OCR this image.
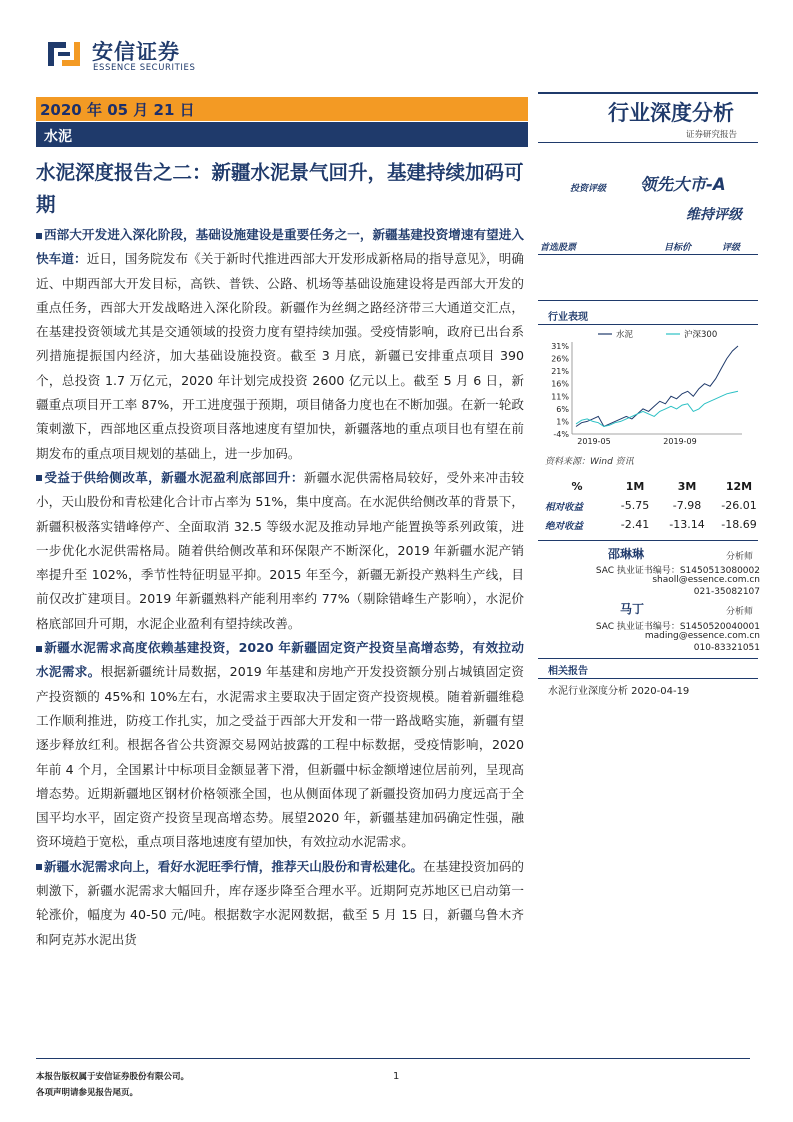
安信证券
ESSENCE SECURITIES
2020 年 05 月 21 日
水泥
行业深度分析
证券研究报告
水泥深度报告之二：新疆水泥景气回升，基建持续加码可期

西部大开发进入深化阶段，基础设施建设是重要任务之一，新疆基建投资增速有望进入快车道：近日，国务院发布《关于新时代推进西部大开发形成新格局的指导意见》，明确近、中期西部大开发目标，高铁、普铁、公路、机场等基础设施建设将是西部大开发的重点任务，西部大开发战略进入深化阶段。新疆作为丝绸之路经济带三大通道交汇点，在基建投资领域尤其是交通领域的投资力度有望持续加强。受疫情影响，政府已出台系列措施提振国内经济，加大基础设施投资。截至 3 月底，新疆已安排重点项目 390 个，总投资 1.7 万亿元，2020 年计划完成投资 2600 亿元以上。截至 5 月 6 日，新疆重点项目开工率 87%，开工进度强于预期，项目储备力度也在不断加强。在新一轮政策刺激下，西部地区重点投资项目落地速度有望加快，新疆落地的重点项目也有望在前期发布的重点项目规划的基础上，进一步加码。

受益于供给侧改革，新疆水泥盈利底部回升：新疆水泥供需格局较好，受外来冲击较小，天山股份和青松建化合计市占率为 51%，集中度高。在水泥供给侧改革的背景下，新疆积极落实错峰停产、全面取消 32.5 等级水泥及推动异地产能置换等系列政策，进一步优化水泥供需格局。随着供给侧改革和环保限产不断深化，2019 年新疆水泥产销率提升至 102%，季节性特征明显平抑。2015 年至今，新疆无新投产熟料生产线，目前仅改扩建项目。2019 年新疆熟料产能利用率约 77%（剔除错峰生产影响），水泥价格底部回升可期，水泥企业盈利有望持续改善。

新疆水泥需求高度依赖基建投资，2020 年新疆固定资产投资呈高增态势，有效拉动水泥需求。根据新疆统计局数据，2019 年基建和房地产开发投资额分别占城镇固定资产投资额的 45%和 10%左右，水泥需求主要取决于固定资产投资规模。随着新疆维稳工作顺利推进，防疫工作扎实，加之受益于西部大开发和一带一路战略实施，新疆有望逐步释放红利。根据各省公共资源交易网站披露的工程中标数据，受疫情影响，2020 年前 4 个月，全国累计中标项目金额显著下滑，但新疆中标金额增速位居前列，呈现高增态势。近期新疆地区钢材价格领涨全国，也从侧面体现了新疆投资加码力度远高于全国平均水平，固定资产投资呈现高增态势。展望2020 年，新疆基建加码确定性强，融资环境趋于宽松，重点项目落地速度有望加快，有效拉动水泥需求。

新疆水泥需求向上，看好水泥旺季行情，推荐天山股份和青松建化。在基建投资加码的刺激下，新疆水泥需求大幅回升，库存逐步降至合理水平。近期阿克苏地区已启动第一轮涨价，幅度为 40-50 元/吨。根据数字水泥网数据，截至 5 月 15 日，新疆乌鲁木齐和阿克苏水泥出货

投资评级 领先大市-A
维持评级
首选股票	目标价	评级
行业表现
水泥	沪深300
31%
26%
21%
16%
11%
6%
1%
-4%
2019-05	2019-09
资料来源：Wind 资讯
%	1M	3M	12M
相对收益	-5.75	-7.98	-26.01
绝对收益	-2.41	-13.14	-18.69
邵琳琳	分析师
SAC 执业证书编号：S1450513080002
shaoll@essence.com.cn
021-35082107
马丁	分析师
SAC 执业证书编号：S1450520040001
mading@essence.com.cn
010-83321051
相关报告
水泥行业深度分析 2020-04-19
本报告版权属于安信证券股份有限公司。
各项声明请参见报告尾页。
1
